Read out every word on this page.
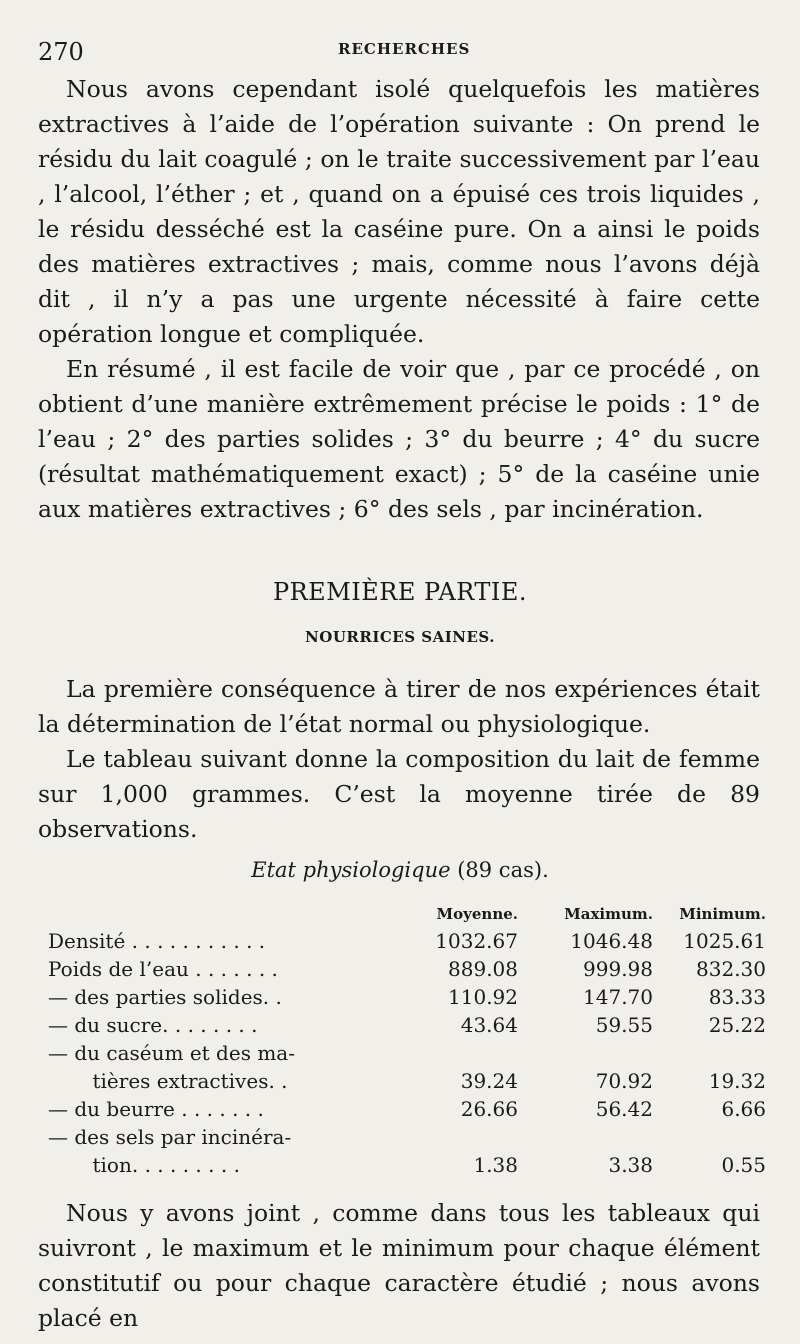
270	RECHERCHES

Nous avons cependant isolé quelquefois les matières extractives à l’aide de l’opération suivante : On prend le résidu du lait coagulé ; on le traite successivement par l’eau , l’alcool, l’éther ; et , quand on a épuisé ces trois liquides , le résidu desséché est la caséine pure. On a ainsi le poids des matières extractives ; mais, comme nous l’avons déjà dit , il n’y a pas une urgente nécessité à faire cette opération longue et compliquée.

En résumé , il est facile de voir que , par ce procédé , on obtient d’une manière extrêmement précise le poids : 1° de l’eau ; 2° des parties solides ; 3° du beurre ; 4° du sucre (résultat mathématiquement exact) ; 5° de la caséine unie aux matières extractives ; 6° des sels , par incinération.

PREMIÈRE PARTIE.
NOURRICES SAINES.

La première conséquence à tirer de nos expériences était la détermination de l’état normal ou physiologique.

Le tableau suivant donne la composition du lait de femme sur 1,000 grammes. C’est la moyenne tirée de 89 observations.

Etat physiologique (89 cas).
Moyenne.	Maximum.	Minimum.
Densité . . . . . . . . . . .	1032.67	1046.48	1025.61
Poids de l’eau . . . . . . .	889.08	999.98	832.30
— des parties solides. .	110.92	147.70	83.33
— du sucre. . . . . . . .	43.64	59.55	25.22
— du caséum et des ma-
tières extractives. .	39.24	70.92	19.32
— du beurre . . . . . . .	26.66	56.42	6.66
— des sels par incinéra-
tion. . . . . . . . .	1.38	3.38	0.55

Nous y avons joint , comme dans tous les tableaux qui suivront , le maximum et le minimum pour chaque élément constitutif ou pour chaque caractère étudié ; nous avons placé en
